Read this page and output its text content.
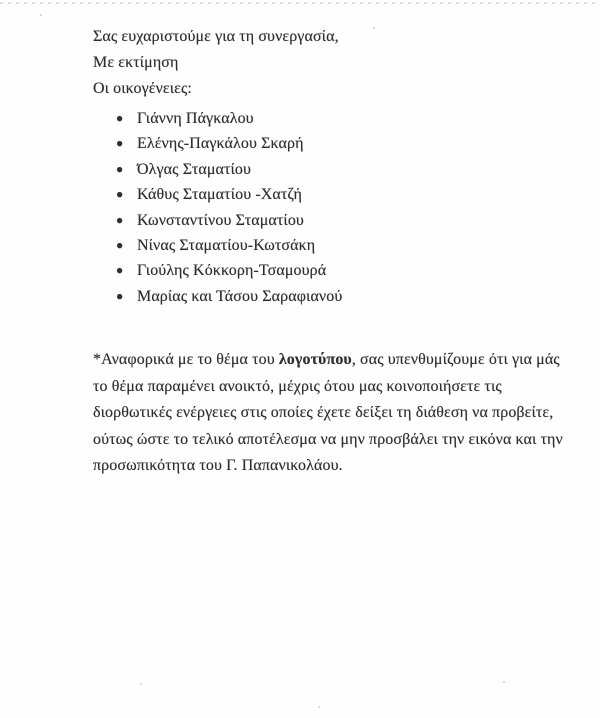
Σας ευχαριστούμε για τη συνεργασία,

Με εκτίμηση

Οι οικογένειες:

● Γιάννη Πάγκαλου
● Ελένης-Παγκάλου Σκαρή
● Όλγας Σταματίου
● Κάθυς Σταματίου -Χατζή
● Κωνσταντίνου Σταματίου
● Νίνας Σταματίου-Κωτσάκη
● Γιούλης Κόκκορη-Τσαμουρά
● Μαρίας και Τάσου Σαραφιανού

*Αναφορικά με το θέμα του λογοτύπου, σας υπενθυμίζουμε ότι για μάς

το θέμα παραμένει ανοικτό, μέχρις ότου μας κοινοποιήσετε τις

διορθωτικές ενέργειες στις οποίες έχετε δείξει τη διάθεση να προβείτε,

ούτως ώστε το τελικό αποτέλεσμα να μην προσβάλει την εικόνα και την

προσωπικότητα του Γ. Παπανικολάου.
